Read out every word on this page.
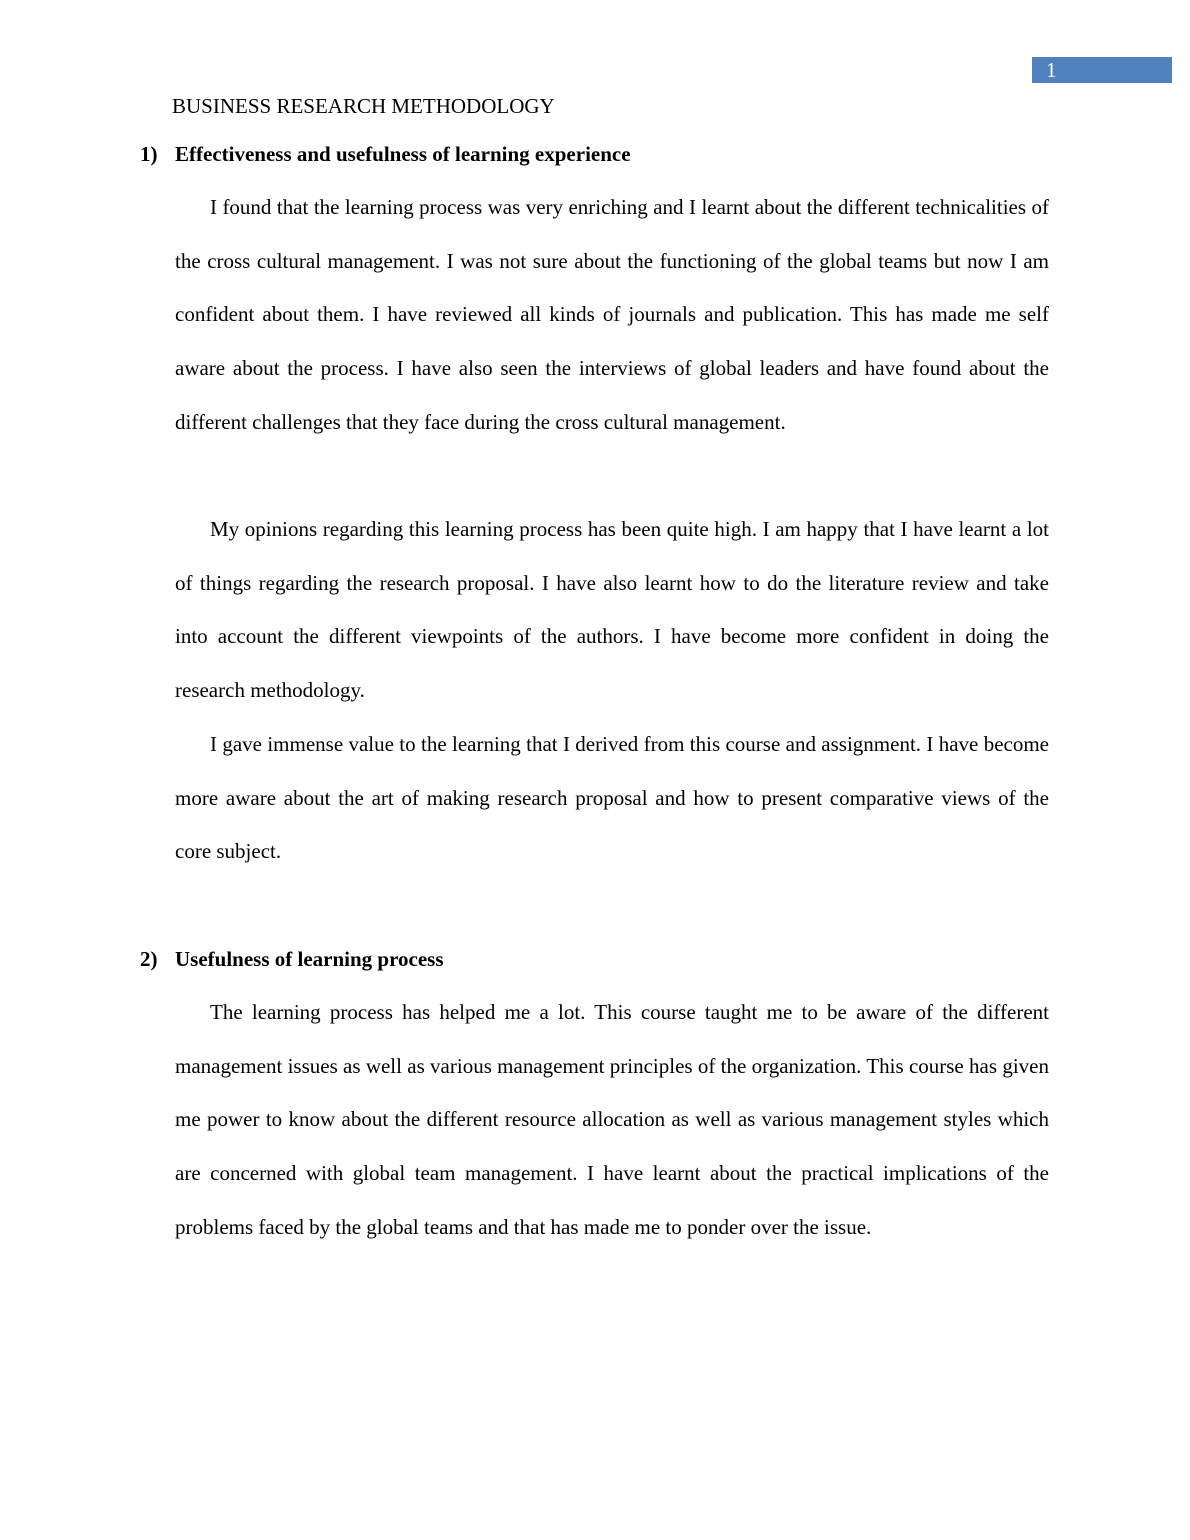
1
BUSINESS RESEARCH METHODOLOGY
1) Effectiveness and usefulness of learning experience

I found that the learning process was very enriching and I learnt about the different technicalities of the cross cultural management. I was not sure about the functioning of the global teams but now I am confident about them. I have reviewed all kinds of journals and publication. This has made me self aware about the process. I have also seen the interviews of global leaders and have found about the different challenges that they face during the cross cultural management.

My opinions regarding this learning process has been quite high. I am happy that I have learnt a lot of things regarding the research proposal. I have also learnt how to do the literature review and take into account the different viewpoints of the authors. I have become more confident in doing the research methodology.

I gave immense value to the learning that I derived from this course and assignment. I have become more aware about the art of making research proposal and how to present comparative views of the core subject.

2) Usefulness of learning process

The learning process has helped me a lot. This course taught me to be aware of the different management issues as well as various management principles of the organization. This course has given me power to know about the different resource allocation as well as various management styles which are concerned with global team management. I have learnt about the practical implications of the problems faced by the global teams and that has made me to ponder over the issue.
